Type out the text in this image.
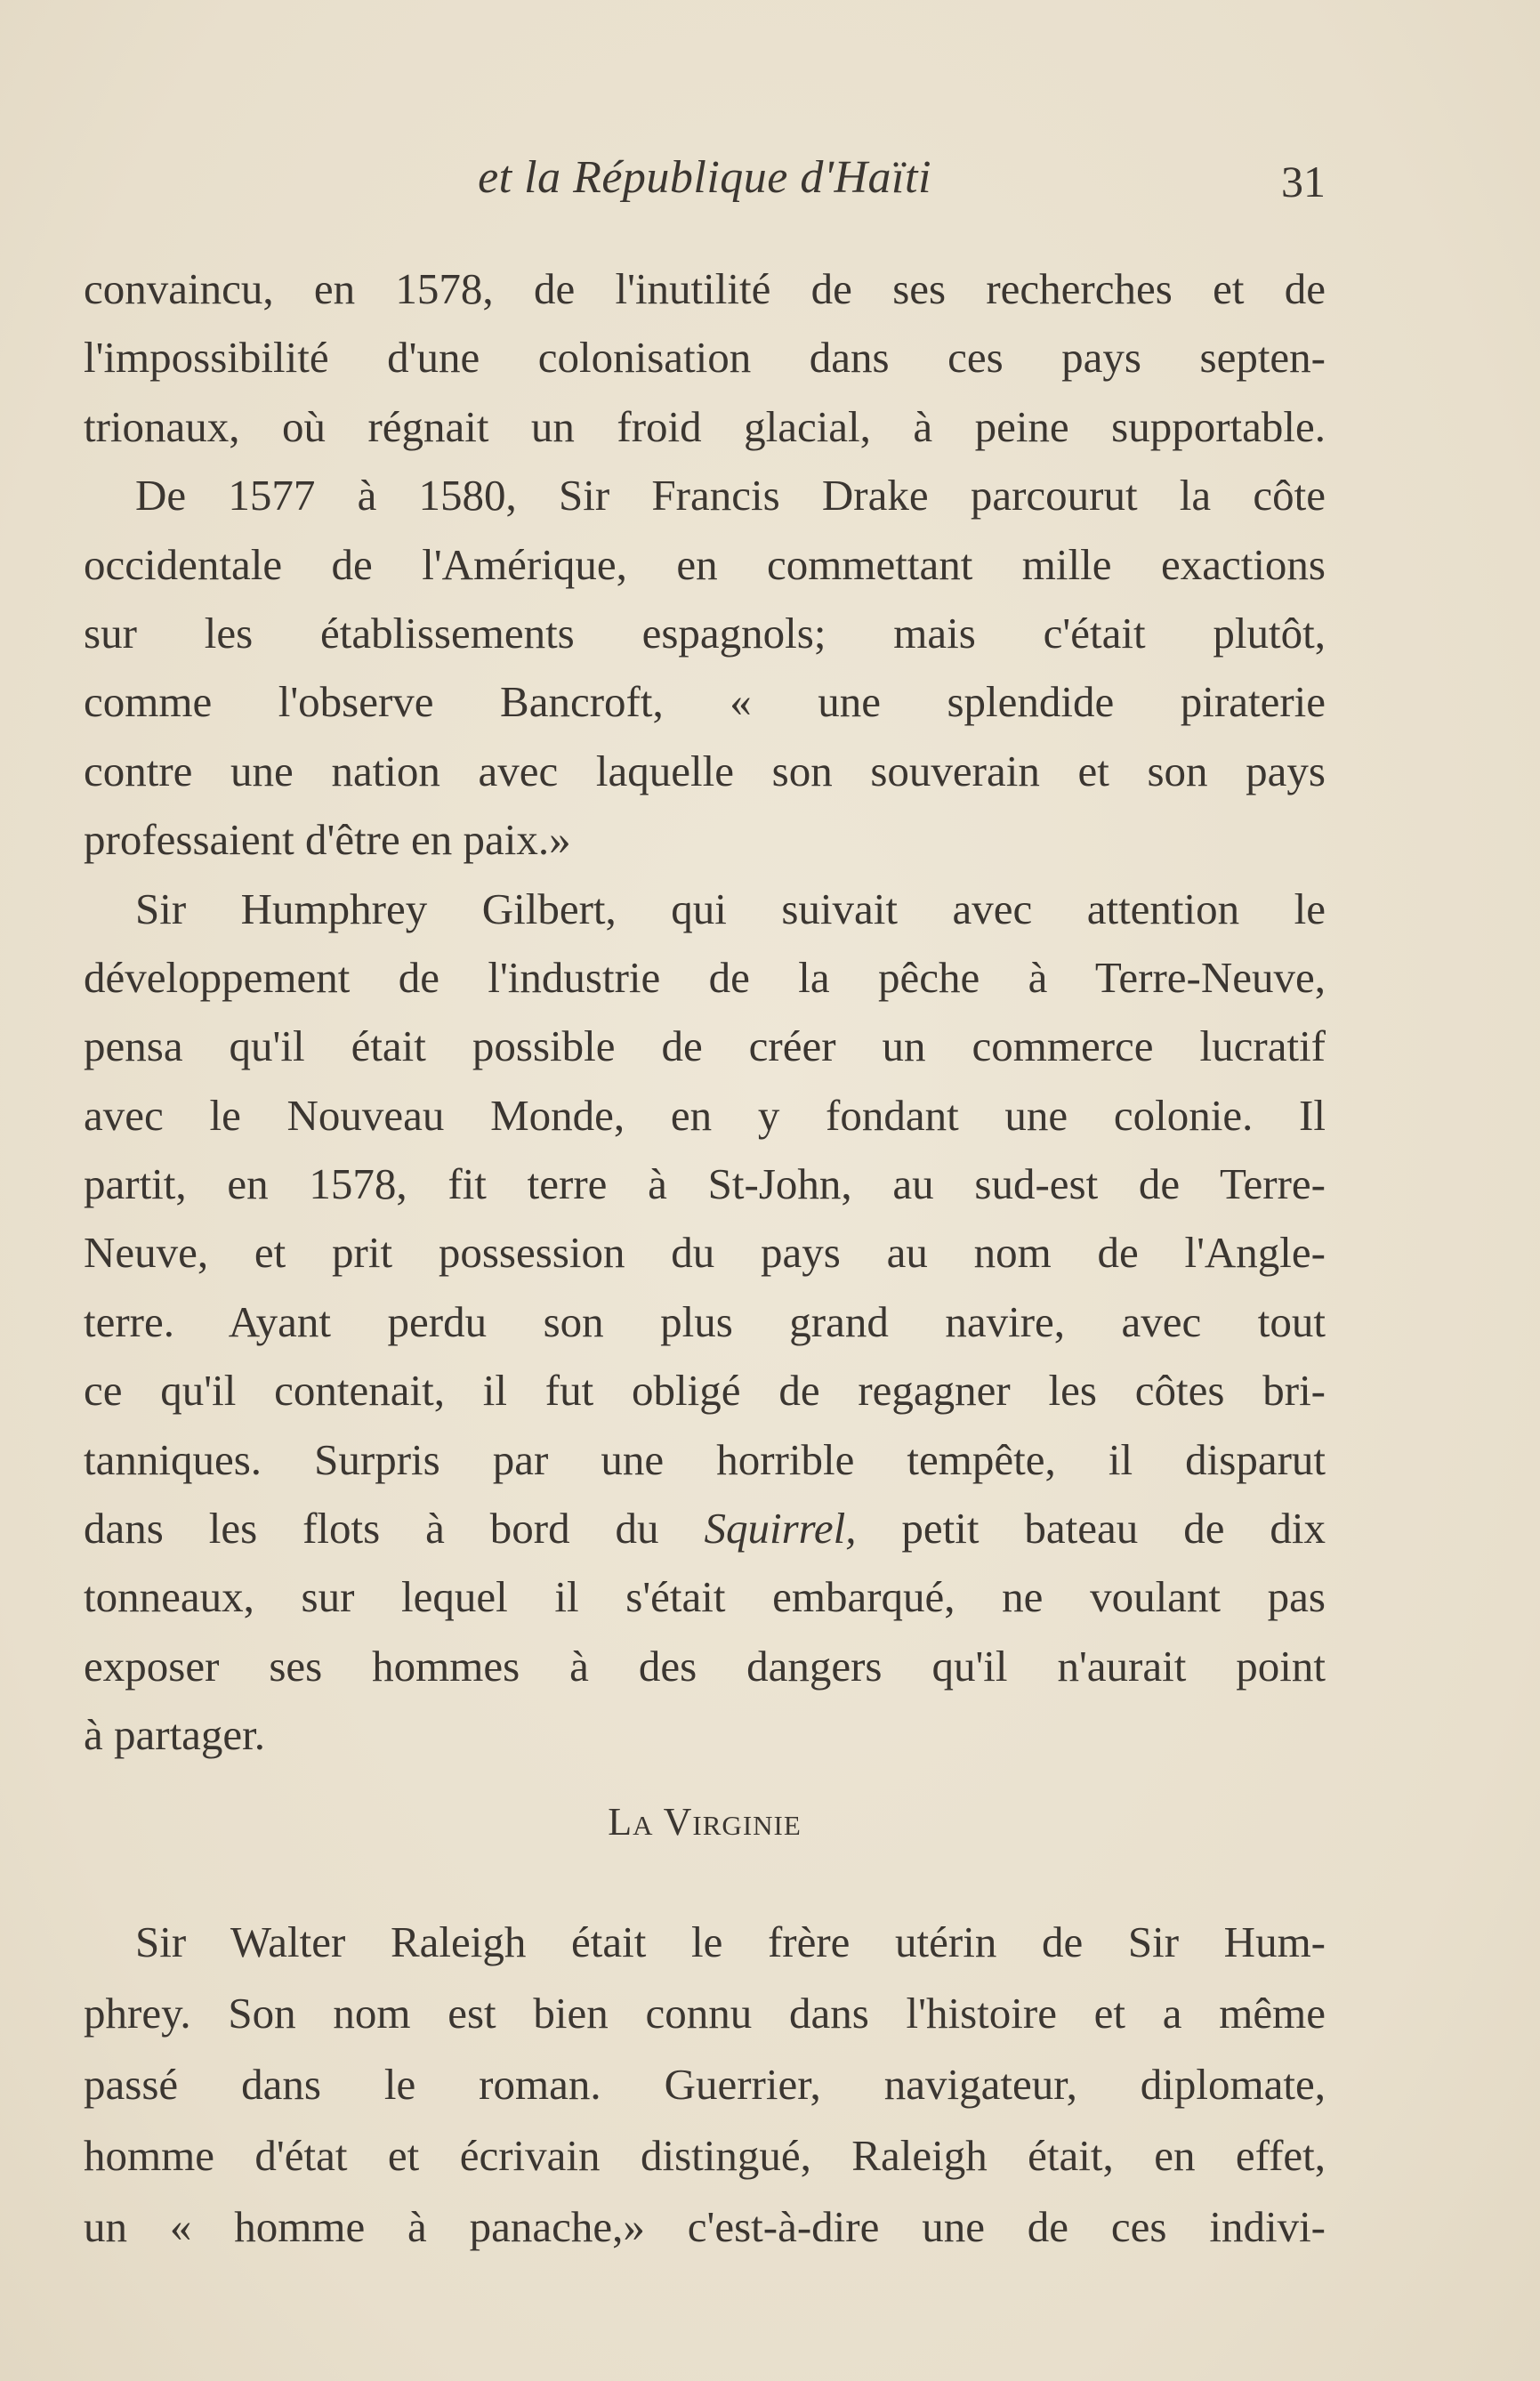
et la République d'Haïti	31
convaincu, en 1578, de l'inutilité de ses recherches et de
l'impossibilité d'une colonisation dans ces pays septen-
trionaux, où régnait un froid glacial, à peine supportable.
De 1577 à 1580, Sir Francis Drake parcourut la côte
occidentale de l'Amérique, en commettant mille exactions
sur les établissements espagnols; mais c'était plutôt,
comme l'observe Bancroft, « une splendide piraterie
contre une nation avec laquelle son souverain et son pays
professaient d'être en paix.»
Sir Humphrey Gilbert, qui suivait avec attention le
développement de l'industrie de la pêche à Terre-Neuve,
pensa qu'il était possible de créer un commerce lucratif
avec le Nouveau Monde, en y fondant une colonie. Il
partit, en 1578, fit terre à St-John, au sud-est de Terre-
Neuve, et prit possession du pays au nom de l'Angle-
terre. Ayant perdu son plus grand navire, avec tout
ce qu'il contenait, il fut obligé de regagner les côtes bri-
tanniques. Surpris par une horrible tempête, il disparut
dans les flots à bord du Squirrel, petit bateau de dix
tonneaux, sur lequel il s'était embarqué, ne voulant pas
exposer ses hommes à des dangers qu'il n'aurait point
à partager.
La Virginie
Sir Walter Raleigh était le frère utérin de Sir Hum-
phrey. Son nom est bien connu dans l'histoire et a même
passé dans le roman. Guerrier, navigateur, diplomate,
homme d'état et écrivain distingué, Raleigh était, en effet,
un « homme à panache,» c'est-à-dire une de ces indivi-
